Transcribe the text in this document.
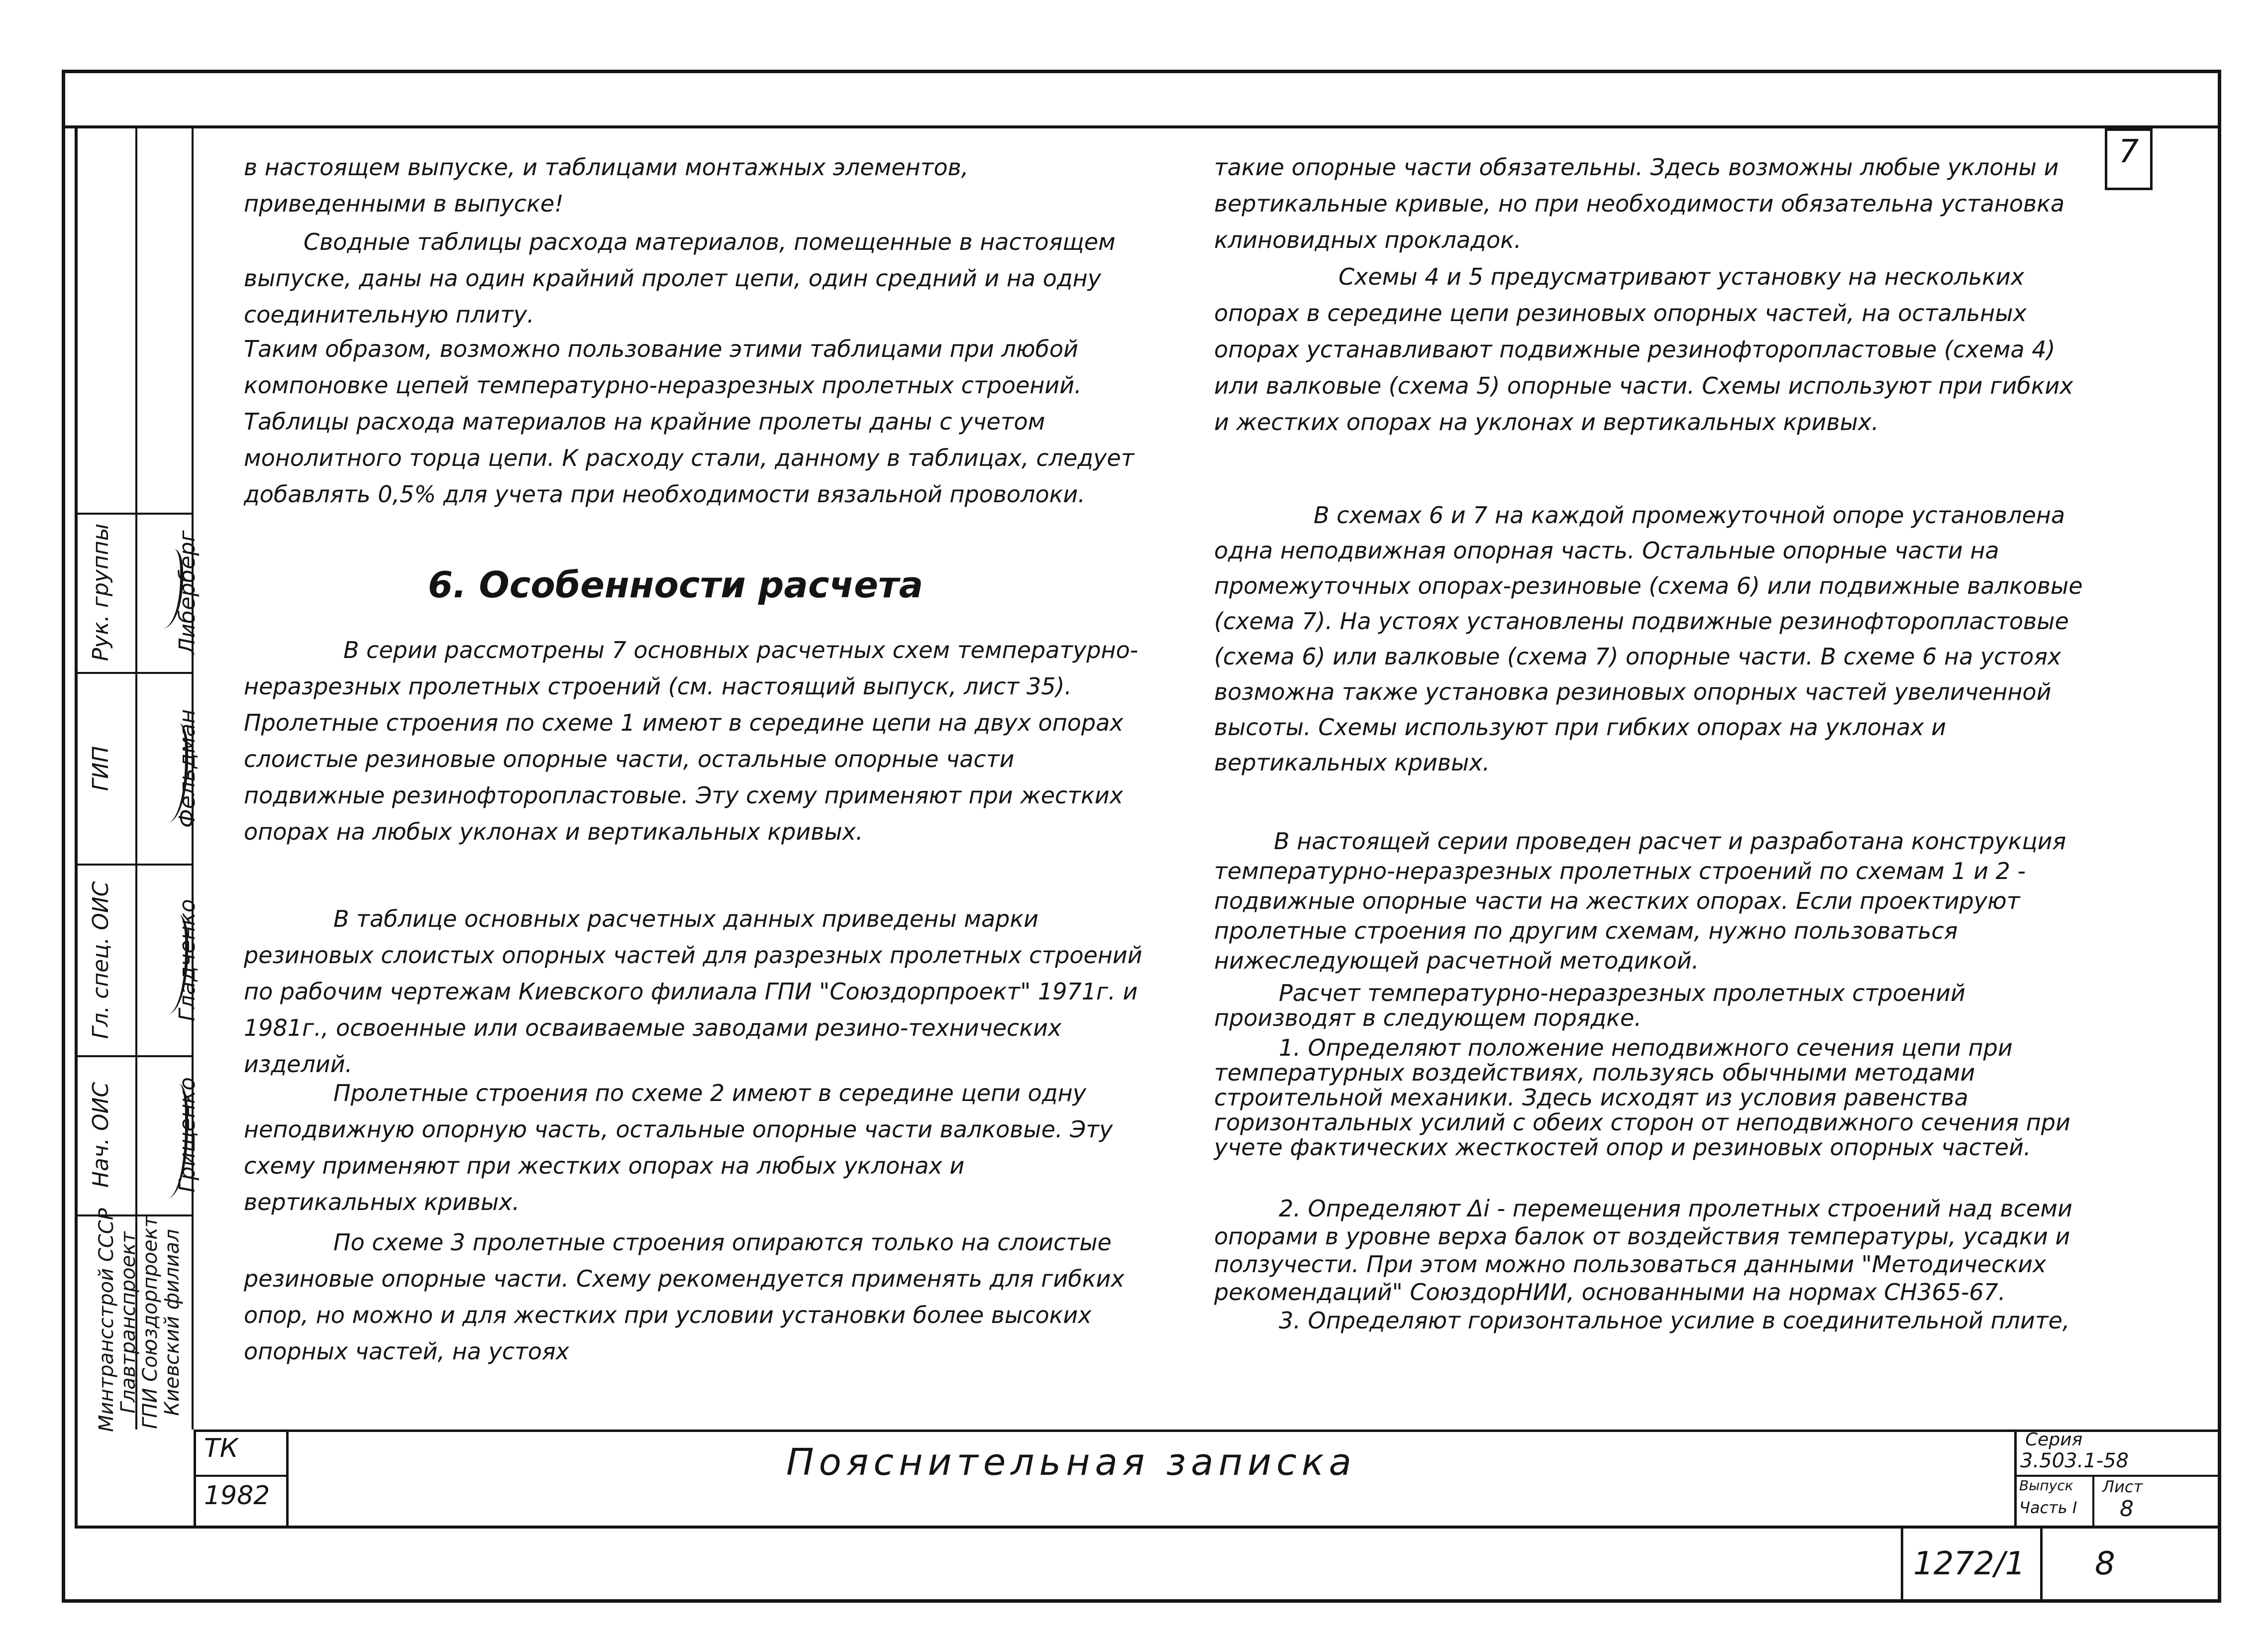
7
Рук. группы
ГИП
Гл. спец. ОИС
Нач. ОИС
Либерберг
Фельдман
Гладченко
Грищенко
Минтрансстрой СССР
Главтранспроект
ГПИ Союздорпроект
Киевский филиал

в настоящем выпуске, и таблицами монтажных элементов, приведенными в выпуске!

Сводные таблицы расхода материалов, помещенные в настоящем выпуске, даны на один крайний пролет цепи, один средний и на одну соединительную плиту.

Таким образом, возможно пользование этими таблицами при любой компоновке цепей температурно-неразрезных пролетных строений. Таблицы расхода материалов на крайние пролеты даны с учетом монолитного торца цепи. К расходу стали, данному в таблицах, следует добавлять 0,5% для учета при необходимости вязальной проволоки.

6. Особенности расчета

В серии рассмотрены 7 основных расчетных схем температурно-неразрезных пролетных строений (см. настоящий выпуск, лист 35). Пролетные строения по схеме 1 имеют в середине цепи на двух опорах слоистые резиновые опорные части, остальные опорные части подвижные резинофторопластовые. Эту схему применяют при жестких опорах на любых уклонах и вертикальных кривых.

В таблице основных расчетных данных приведены марки резиновых слоистых опорных частей для разрезных пролетных строений по рабочим чертежам Киевского филиала ГПИ "Союздорпроект" 1971г. и 1981г., освоенные или осваиваемые заводами резино-технических изделий.

Пролетные строения по схеме 2 имеют в середине цепи одну неподвижную опорную часть, остальные опорные части валковые. Эту схему применяют при жестких опорах на любых уклонах и вертикальных кривых.

По схеме 3 пролетные строения опираются только на слоистые резиновые опорные части. Схему рекомендуется применять для гибких опор, но можно и для жестких при условии установки более высоких опорных частей, на устоях

такие опорные части обязательны. Здесь возможны любые уклоны и вертикальные кривые, но при необходимости обязательна установка клиновидных прокладок.

Схемы 4 и 5 предусматривают установку на нескольких опорах в середине цепи резиновых опорных частей, на остальных опорах устанавливают подвижные резинофторопластовые (схема 4) или валковые (схема 5) опорные части. Схемы используют при гибких и жестких опорах на уклонах и вертикальных кривых.

В схемах 6 и 7 на каждой промежуточной опоре установлена одна неподвижная опорная часть. Остальные опорные части на промежуточных опорах-резиновые (схема 6) или подвижные валковые (схема 7). На устоях установлены подвижные резинофторопластовые (схема 6) или валковые (схема 7) опорные части. В схеме 6 на устоях возможна также установка резиновых опорных частей увеличенной высоты. Схемы используют при гибких опорах на уклонах и вертикальных кривых.

В настоящей серии проведен расчет и разработана конструкция температурно-неразрезных пролетных строений по схемам 1 и 2 - подвижные опорные части на жестких опорах. Если проектируют пролетные строения по другим схемам, нужно пользоваться нижеследующей расчетной методикой.

Расчет температурно-неразрезных пролетных строений производят в следующем порядке.

1. Определяют положение неподвижного сечения цепи при температурных воздействиях, пользуясь обычными методами строительной механики. Здесь исходят из условия равенства горизонтальных усилий с обеих сторон от неподвижного сечения при учете фактических жесткостей опор и резиновых опорных частей.

2. Определяют Δi - перемещения пролетных строений над всеми опорами в уровне верха балок от воздействия температуры, усадки и ползучести. При этом можно пользоваться данными "Методических рекомендаций" СоюздорНИИ, основанными на нормах СН365-67.

3. Определяют горизонтальное усилие в соединительной плите,

ТК
1982
Пояснительная записка
Серия
3.503.1-58
Выпуск
Часть I
Лист
8
1272/1 8
